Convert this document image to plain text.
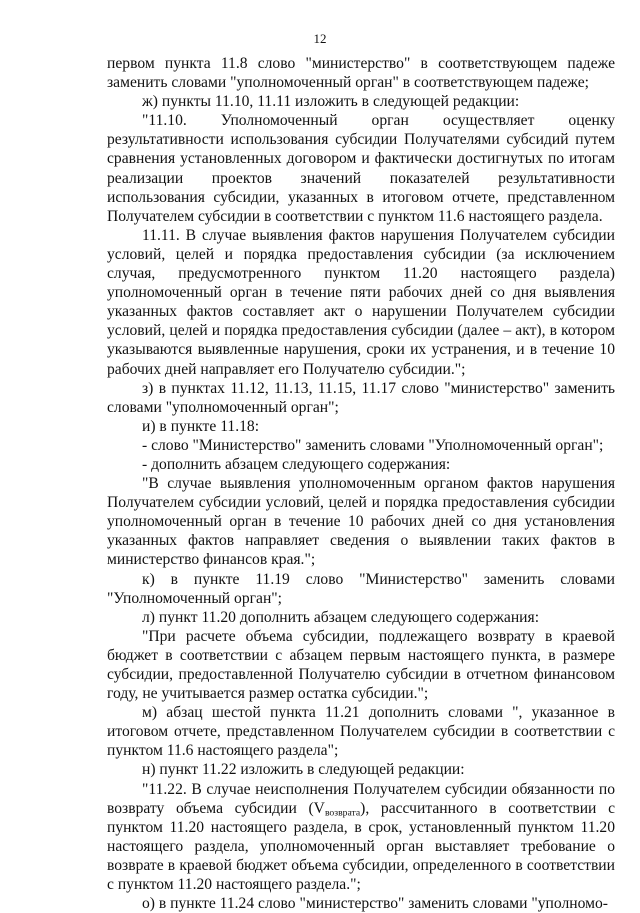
12

первом пункта 11.8 слово "министерство" в соответствующем падеже заменить словами "уполномоченный орган" в соответствующем падеже;

ж) пункты 11.10, 11.11 изложить в следующей редакции:

"11.10. Уполномоченный орган осуществляет оценку результативности использования субсидии Получателями субсидий путем сравнения установленных договором и фактически достигнутых по итогам реализации проектов значений показателей результативности использования субсидии, указанных в итоговом отчете, представленном Получателем субсидии в соответствии с пунктом 11.6 настоящего раздела.

11.11. В случае выявления фактов нарушения Получателем субсидии условий, целей и порядка предоставления субсидии (за исключением случая, предусмотренного пунктом 11.20 настоящего раздела) уполномоченный орган в течение пяти рабочих дней со дня выявления указанных фактов составляет акт о нарушении Получателем субсидии условий, целей и порядка предоставления субсидии (далее – акт), в котором указываются выявленные нарушения, сроки их устранения, и в течение 10 рабочих дней направляет его Получателю субсидии.";

з) в пунктах 11.12, 11.13, 11.15, 11.17 слово "министерство" заменить словами "уполномоченный орган";

и) в пункте 11.18:

- слово "Министерство" заменить словами "Уполномоченный орган";

- дополнить абзацем следующего содержания:

"В случае выявления уполномоченным органом фактов нарушения Получателем субсидии условий, целей и порядка предоставления субсидии уполномоченный орган в течение 10 рабочих дней со дня установления указанных фактов направляет сведения о выявлении таких фактов в министерство финансов края.";

к) в пункте 11.19 слово "Министерство" заменить словами "Уполномоченный орган";

л) пункт 11.20 дополнить абзацем следующего содержания:

"При расчете объема субсидии, подлежащего возврату в краевой бюджет в соответствии с абзацем первым настоящего пункта, в размере субсидии, предоставленной Получателю субсидии в отчетном финансовом году, не учитывается размер остатка субсидии.";

м) абзац шестой пункта 11.21 дополнить словами ", указанное в итоговом отчете, представленном Получателем субсидии в соответствии с пунктом 11.6 настоящего раздела";

н) пункт 11.22 изложить в следующей редакции:

"11.22. В случае неисполнения Получателем субсидии обязанности по возврату объема субсидии $(V_{возврата})$, рассчитанного в соответствии с пунктом 11.20 настоящего раздела, в срок, установленный пунктом 11.20 настоящего раздела, уполномоченный орган выставляет требование о возврате в краевой бюджет объема субсидии, определенного в соответствии с пунктом 11.20 настоящего раздела.";

о) в пункте 11.24 слово "министерство" заменить словами "уполномо-
